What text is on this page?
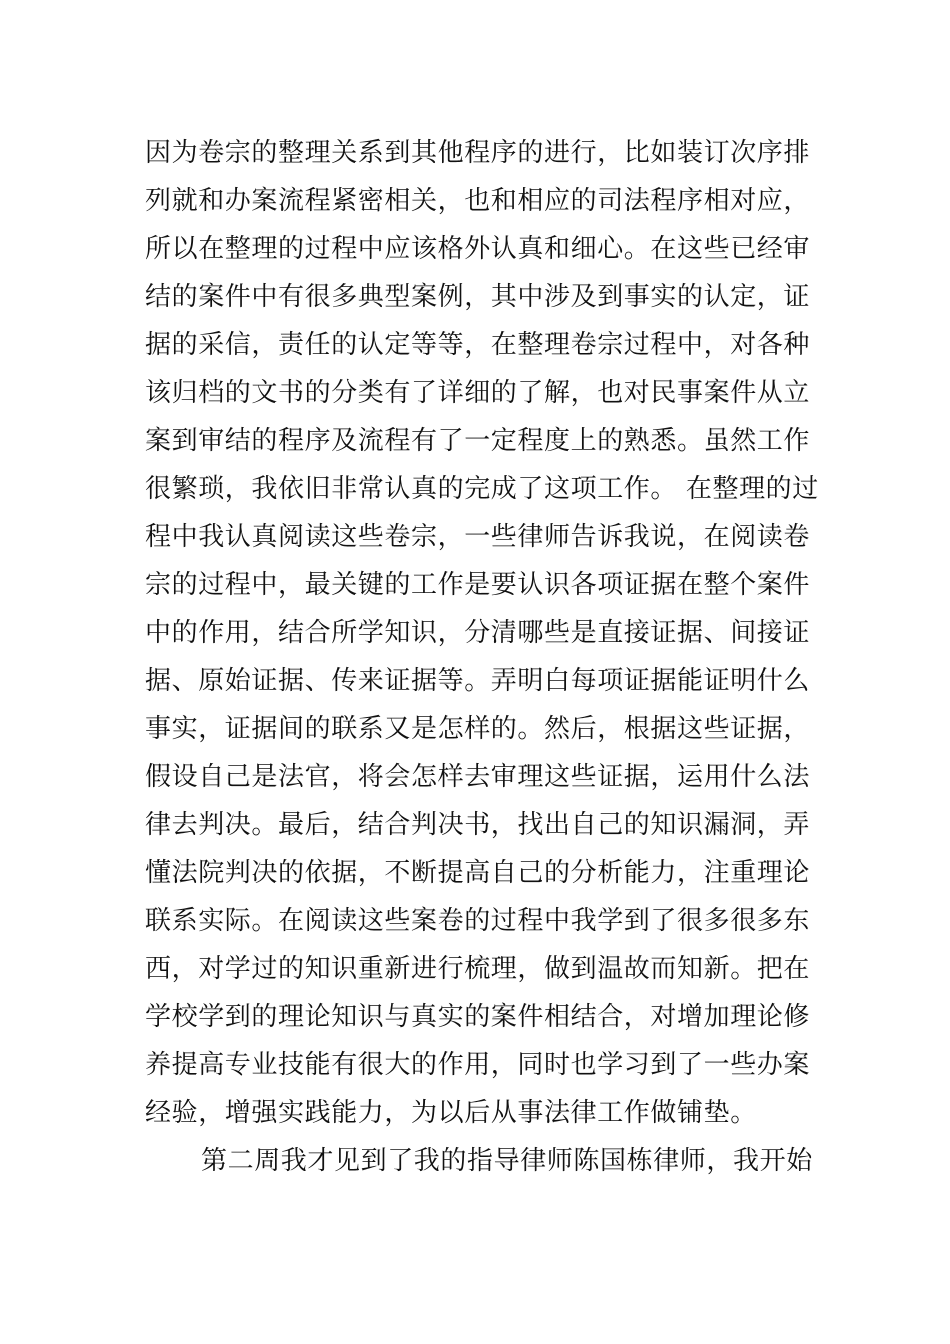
因为卷宗的整理关系到其他程序的进行，比如装订次序排
列就和办案流程紧密相关，也和相应的司法程序相对应，
所以在整理的过程中应该格外认真和细心。在这些已经审
结的案件中有很多典型案例，其中涉及到事实的认定，证
据的采信，责任的认定等等，在整理卷宗过程中，对各种
该归档的文书的分类有了详细的了解，也对民事案件从立
案到审结的程序及流程有了一定程度上的熟悉。虽然工作
很繁琐，我依旧非常认真的完成了这项工作。 在整理的过
程中我认真阅读这些卷宗，一些律师告诉我说，在阅读卷
宗的过程中，最关键的工作是要认识各项证据在整个案件
中的作用，结合所学知识，分清哪些是直接证据、间接证
据、原始证据、传来证据等。弄明白每项证据能证明什么
事实，证据间的联系又是怎样的。然后，根据这些证据，
假设自己是法官，将会怎样去审理这些证据，运用什么法
律去判决。最后，结合判决书，找出自己的知识漏洞，弄
懂法院判决的依据，不断提高自己的分析能力，注重理论
联系实际。在阅读这些案卷的过程中我学到了很多很多东
西，对学过的知识重新进行梳理，做到温故而知新。把在
学校学到的理论知识与真实的案件相结合，对增加理论修
养提高专业技能有很大的作用，同时也学习到了一些办案
经验，增强实践能力，为以后从事法律工作做铺垫。
第二周我才见到了我的指导律师陈国栋律师，我开始
